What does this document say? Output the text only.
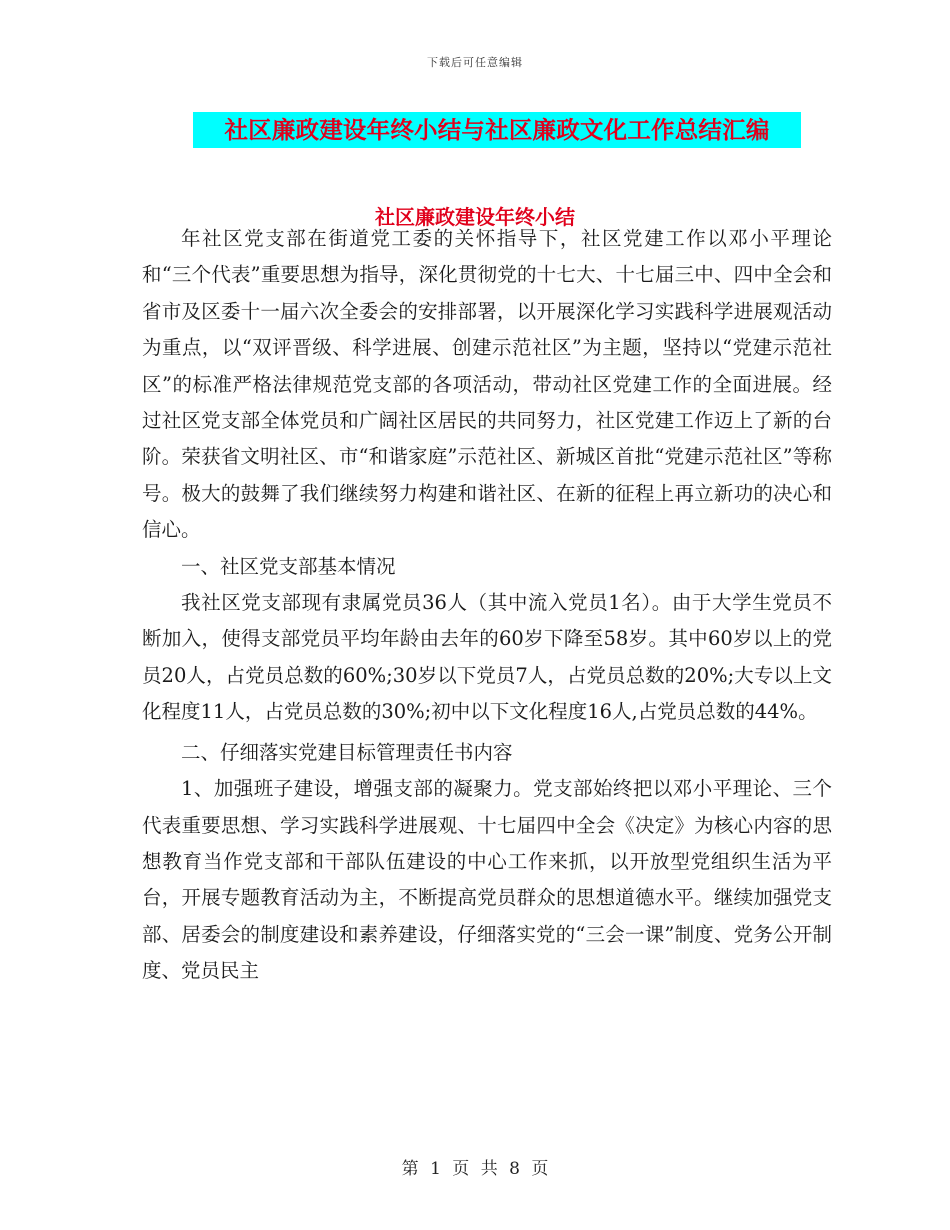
下载后可任意编辑
社区廉政建设年终小结与社区廉政文化工作总结汇编
社区廉政建设年终小结

年社区党支部在街道党工委的关怀指导下，社区党建工作以邓小平理论和“三个代表”重要思想为指导，深化贯彻党的十七大、十七届三中、四中全会和省市及区委十一届六次全委会的安排部署，以开展深化学习实践科学进展观活动为重点，以“双评晋级、科学进展、创建示范社区”为主题，坚持以“党建示范社区”的标准严格法律规范党支部的各项活动，带动社区党建工作的全面进展。经过社区党支部全体党员和广阔社区居民的共同努力，社区党建工作迈上了新的台阶。荣获省文明社区、市“和谐家庭”示范社区、新城区首批“党建示范社区”等称号。极大的鼓舞了我们继续努力构建和谐社区、在新的征程上再立新功的决心和信心。

一、社区党支部基本情况

我社区党支部现有隶属党员36人（其中流入党员1名）。由于大学生党员不断加入，使得支部党员平均年龄由去年的60岁下降至58岁。其中60岁以上的党员20人，占党员总数的60%;30岁以下党员7人，占党员总数的20%;大专以上文化程度11人，占党员总数的30%;初中以下文化程度16人,占党员总数的44%。

二、仔细落实党建目标管理责任书内容

1、加强班子建设，增强支部的凝聚力。党支部始终把以邓小平理论、三个代表重要思想、学习实践科学进展观、十七届四中全会《决定》为核心内容的思想教育当作党支部和干部队伍建设的中心工作来抓，以开放型党组织生活为平台，开展专题教育活动为主，不断提高党员群众的思想道德水平。继续加强党支部、居委会的制度建设和素养建设，仔细落实党的“三会一课”制度、党务公开制度、党员民主

第 1 页 共 8 页
